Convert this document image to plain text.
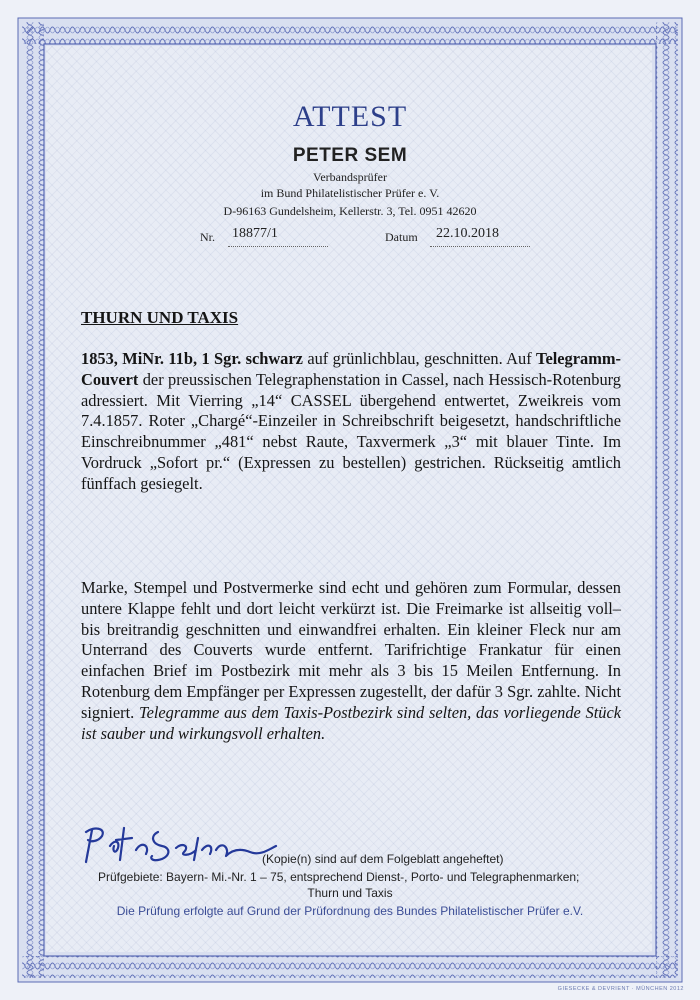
ATTEST
PETER SEM
Verbandsprüfer
im Bund Philatelistischer Prüfer e. V.
D-96163 Gundelsheim, Kellerstr. 3, Tel. 0951 42620
Nr. 18877/1	Datum 22.10.2018
THURN UND TAXIS
1853, MiNr. 11b, 1 Sgr. schwarz auf grünlichblau, geschnitten. Auf Telegramm-Couvert der preussischen Telegraphenstation in Cassel, nach Hessisch-Rotenburg adressiert. Mit Vierring „14“ CASSEL übergehend entwertet, Zweikreis vom 7.4.1857. Roter „Chargé“-Einzeiler in Schreibschrift beigesetzt, handschriftliche Einschreibnummer „481“ nebst Raute, Taxvermerk „3“ mit blauer Tinte. Im Vordruck „Sofort pr.“ (Expressen zu bestellen) gestrichen. Rückseitig amtlich fünffach gesiegelt.
Marke, Stempel und Postvermerke sind echt und gehören zum Formular, dessen untere Klappe fehlt und dort leicht verkürzt ist. Die Freimarke ist allseitig voll– bis breitrandig geschnitten und einwandfrei erhalten. Ein kleiner Fleck nur am Unterrand des Couverts wurde entfernt. Tarifrichtige Frankatur für einen einfachen Brief im Postbezirk mit mehr als 3 bis 15 Meilen Entfernung. In Rotenburg dem Empfänger per Expressen zugestellt, der dafür 3 Sgr. zahlte. Nicht signiert. Telegramme aus dem Taxis-Postbezirk sind selten, das vorliegende Stück ist sauber und wirkungsvoll erhalten.
(Kopie(n) sind auf dem Folgeblatt angeheftet)
Prüfgebiete: Bayern- Mi.-Nr. 1 – 75, entsprechend Dienst-, Porto- und Telegraphenmarken;
Thurn und Taxis
Die Prüfung erfolgte auf Grund der Prüfordnung des Bundes Philatelistischer Prüfer e.V.
GIESECKE & DEVRIENT · MÜNCHEN 2012
